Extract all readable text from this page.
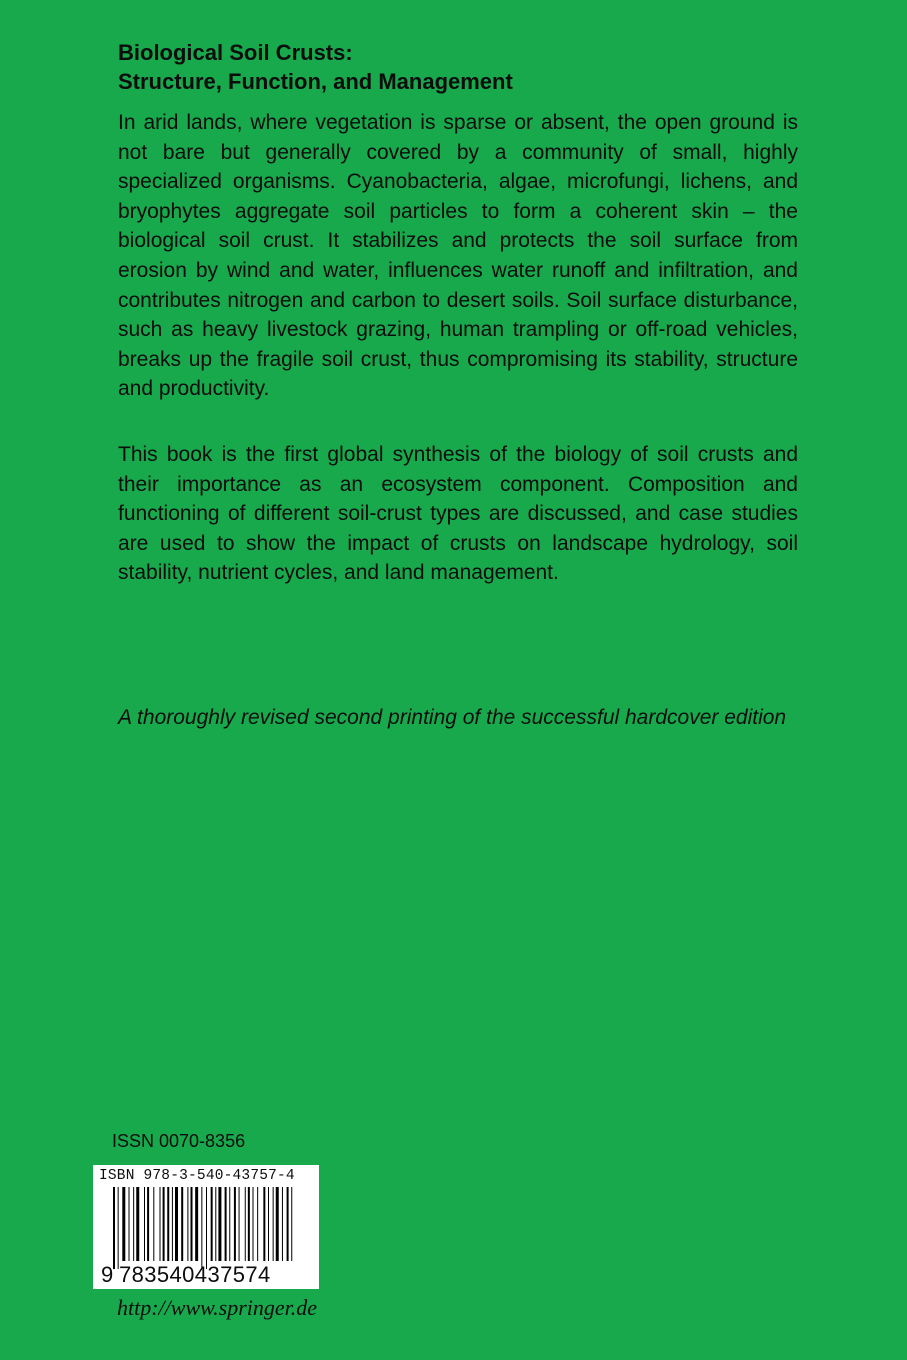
Biological Soil Crusts:
Structure, Function, and Management

In arid lands, where vegetation is sparse or absent, the open ground is not bare but generally covered by a community of small, highly specialized organisms. Cyanobacteria, algae, microfungi, lichens, and bryophytes aggregate soil particles to form a coherent skin – the biological soil crust. It stabilizes and protects the soil surface from erosion by wind and water, influences water runoff and infiltration, and contributes nitrogen and carbon to desert soils. Soil surface disturbance, such as heavy livestock grazing, human trampling or off-road vehicles, breaks up the fragile soil crust, thus compromising its stability, structure and productivity.

This book is the first global synthesis of the biology of soil crusts and their importance as an ecosystem component. Composition and functioning of different soil-crust types are discussed, and case studies are used to show the impact of crusts on landscape hydrology, soil stability, nutrient cycles, and land management.

A thoroughly revised second printing of the successful hardcover edition
ISSN 0070-8356
ISBN 978-3-540-43757-4
9 783540437574
http://www.springer.de
